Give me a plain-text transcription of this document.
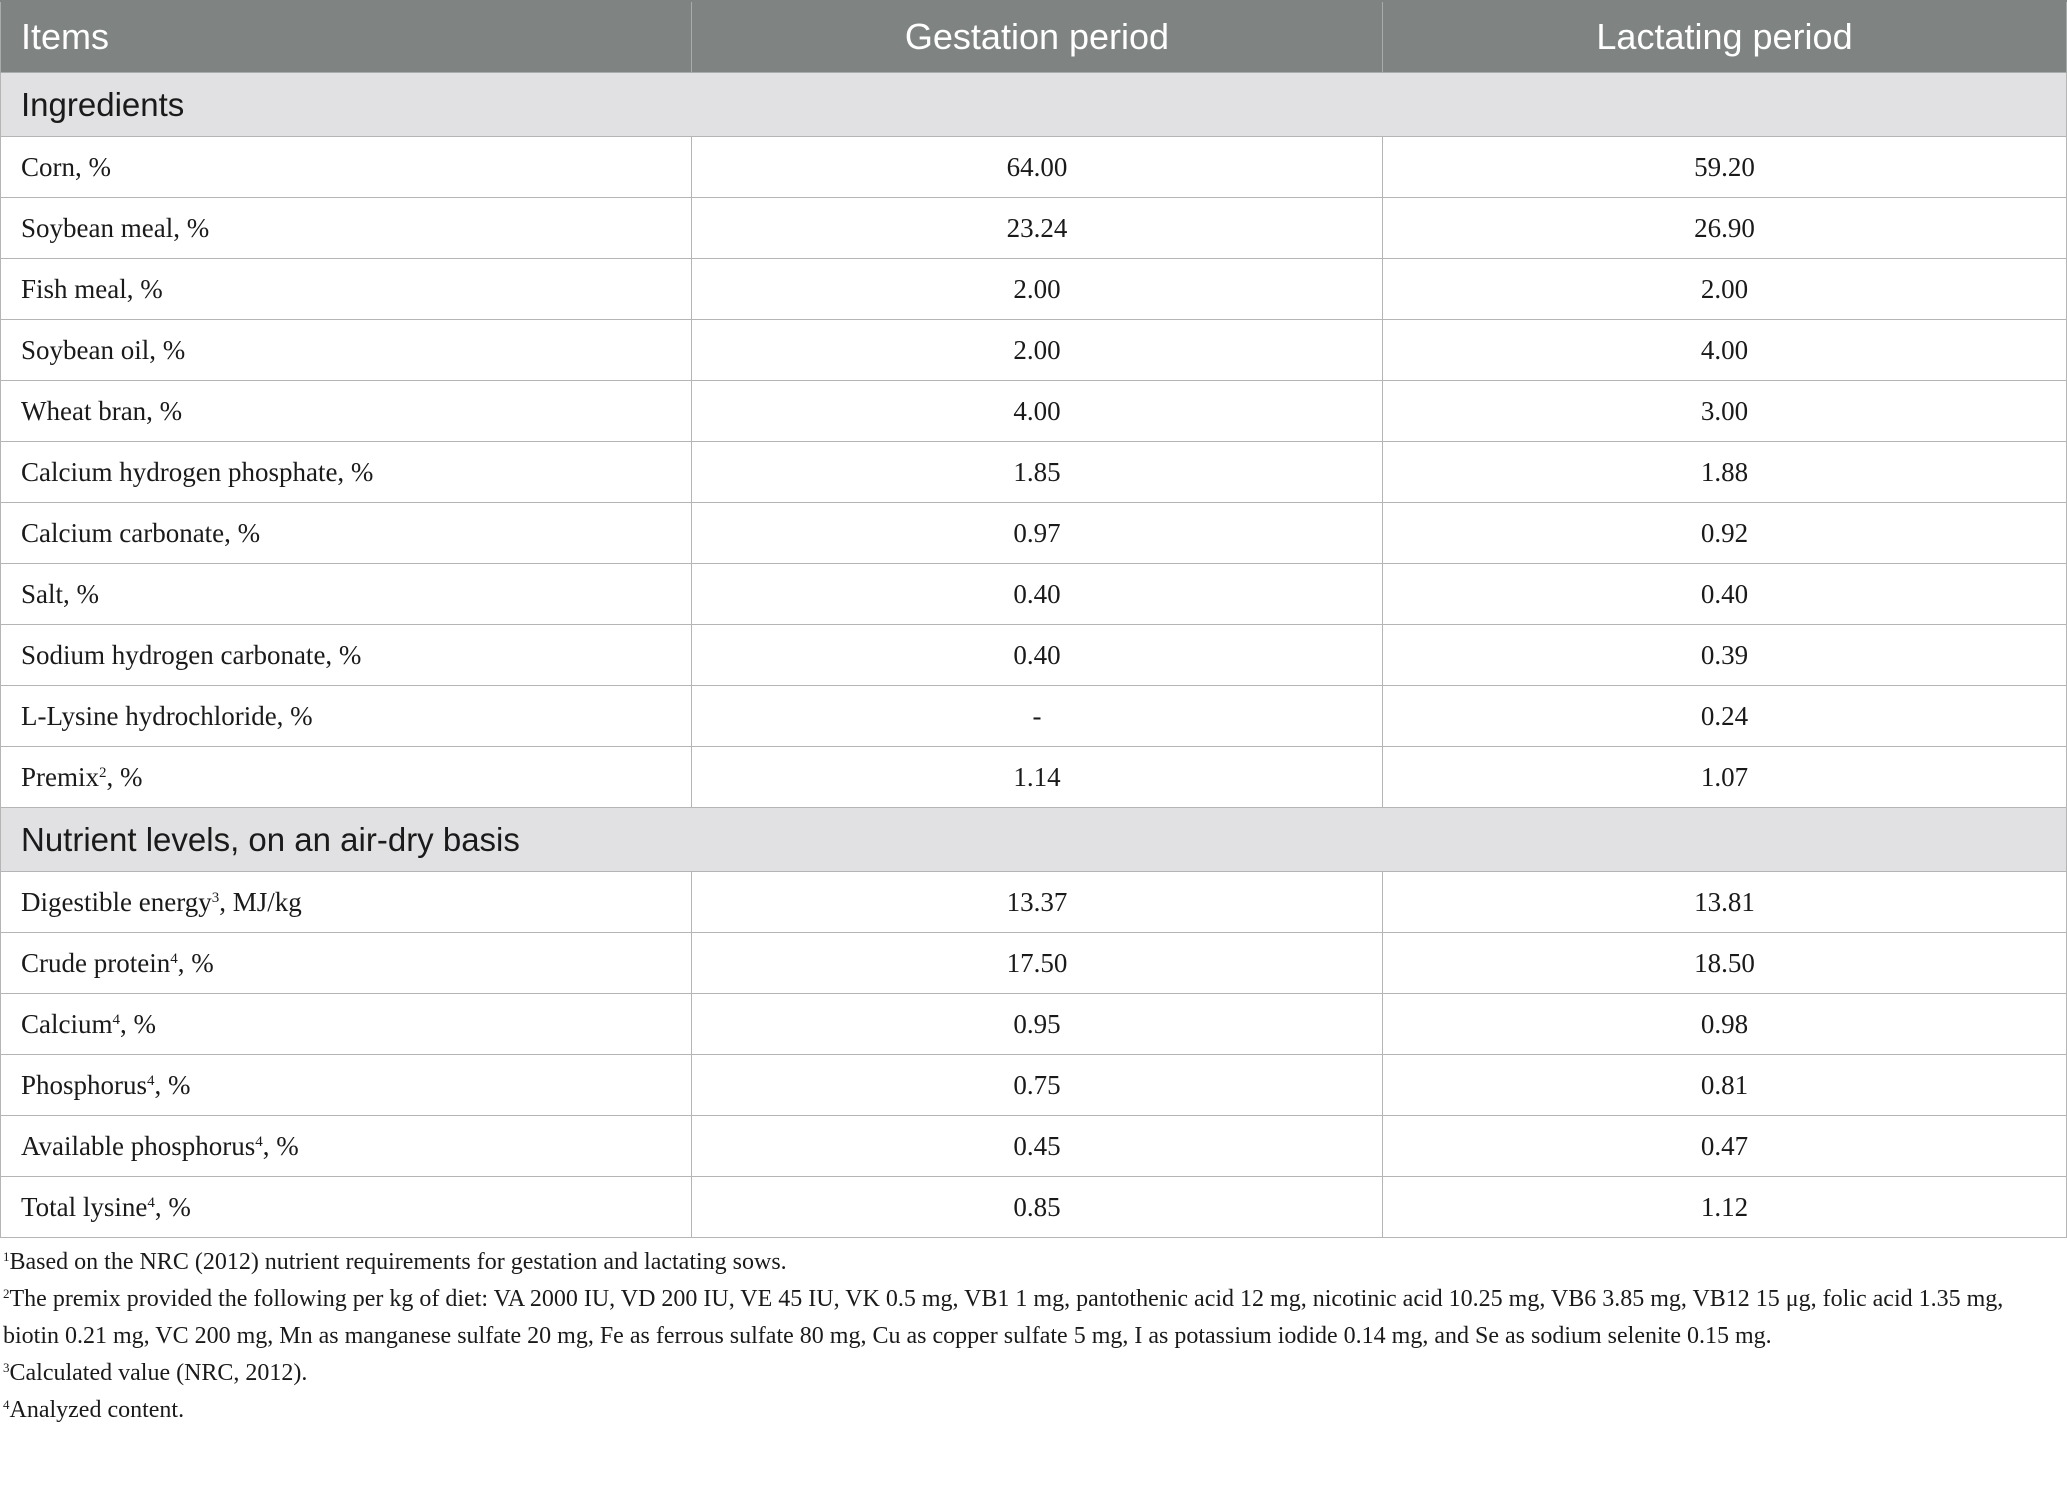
Items	Gestation period	Lactating period
Ingredients		
Corn, %	64.00	59.20
Soybean meal, %	23.24	26.90
Fish meal, %	2.00	2.00
Soybean oil, %	2.00	4.00
Wheat bran, %	4.00	3.00
Calcium hydrogen phosphate, %	1.85	1.88
Calcium carbonate, %	0.97	0.92
Salt, %	0.40	0.40
Sodium hydrogen carbonate, %	0.40	0.39
L-Lysine hydrochloride, %	-	0.24
Premix$^2$, %	1.14	1.07
Nutrient levels, on an air-dry basis		
Digestible energy$^3$, MJ/kg	13.37	13.81
Crude protein$^4$, %	17.50	18.50
Calcium$^4$, %	0.95	0.98
Phosphorus$^4$, %	0.75	0.81
Available phosphorus$^4$, %	0.45	0.47
Total lysine$^4$, %	0.85	1.12

$^1$Based on the NRC (2012) nutrient requirements for gestation and lactating sows.

$^2$The premix provided the following per kg of diet: VA 2000 IU, VD 200 IU, VE 45 IU, VK 0.5 mg, VB1 1 mg, pantothenic acid 12 mg, nicotinic acid 10.25 mg, VB6 3.85 mg, VB12 15 μg, folic acid 1.35 mg, biotin 0.21 mg, VC 200 mg, Mn as manganese sulfate 20 mg, Fe as ferrous sulfate 80 mg, Cu as copper sulfate 5 mg, I as potassium iodide 0.14 mg, and Se as sodium selenite 0.15 mg.

$^3$Calculated value (NRC, 2012).

$^4$Analyzed content.
